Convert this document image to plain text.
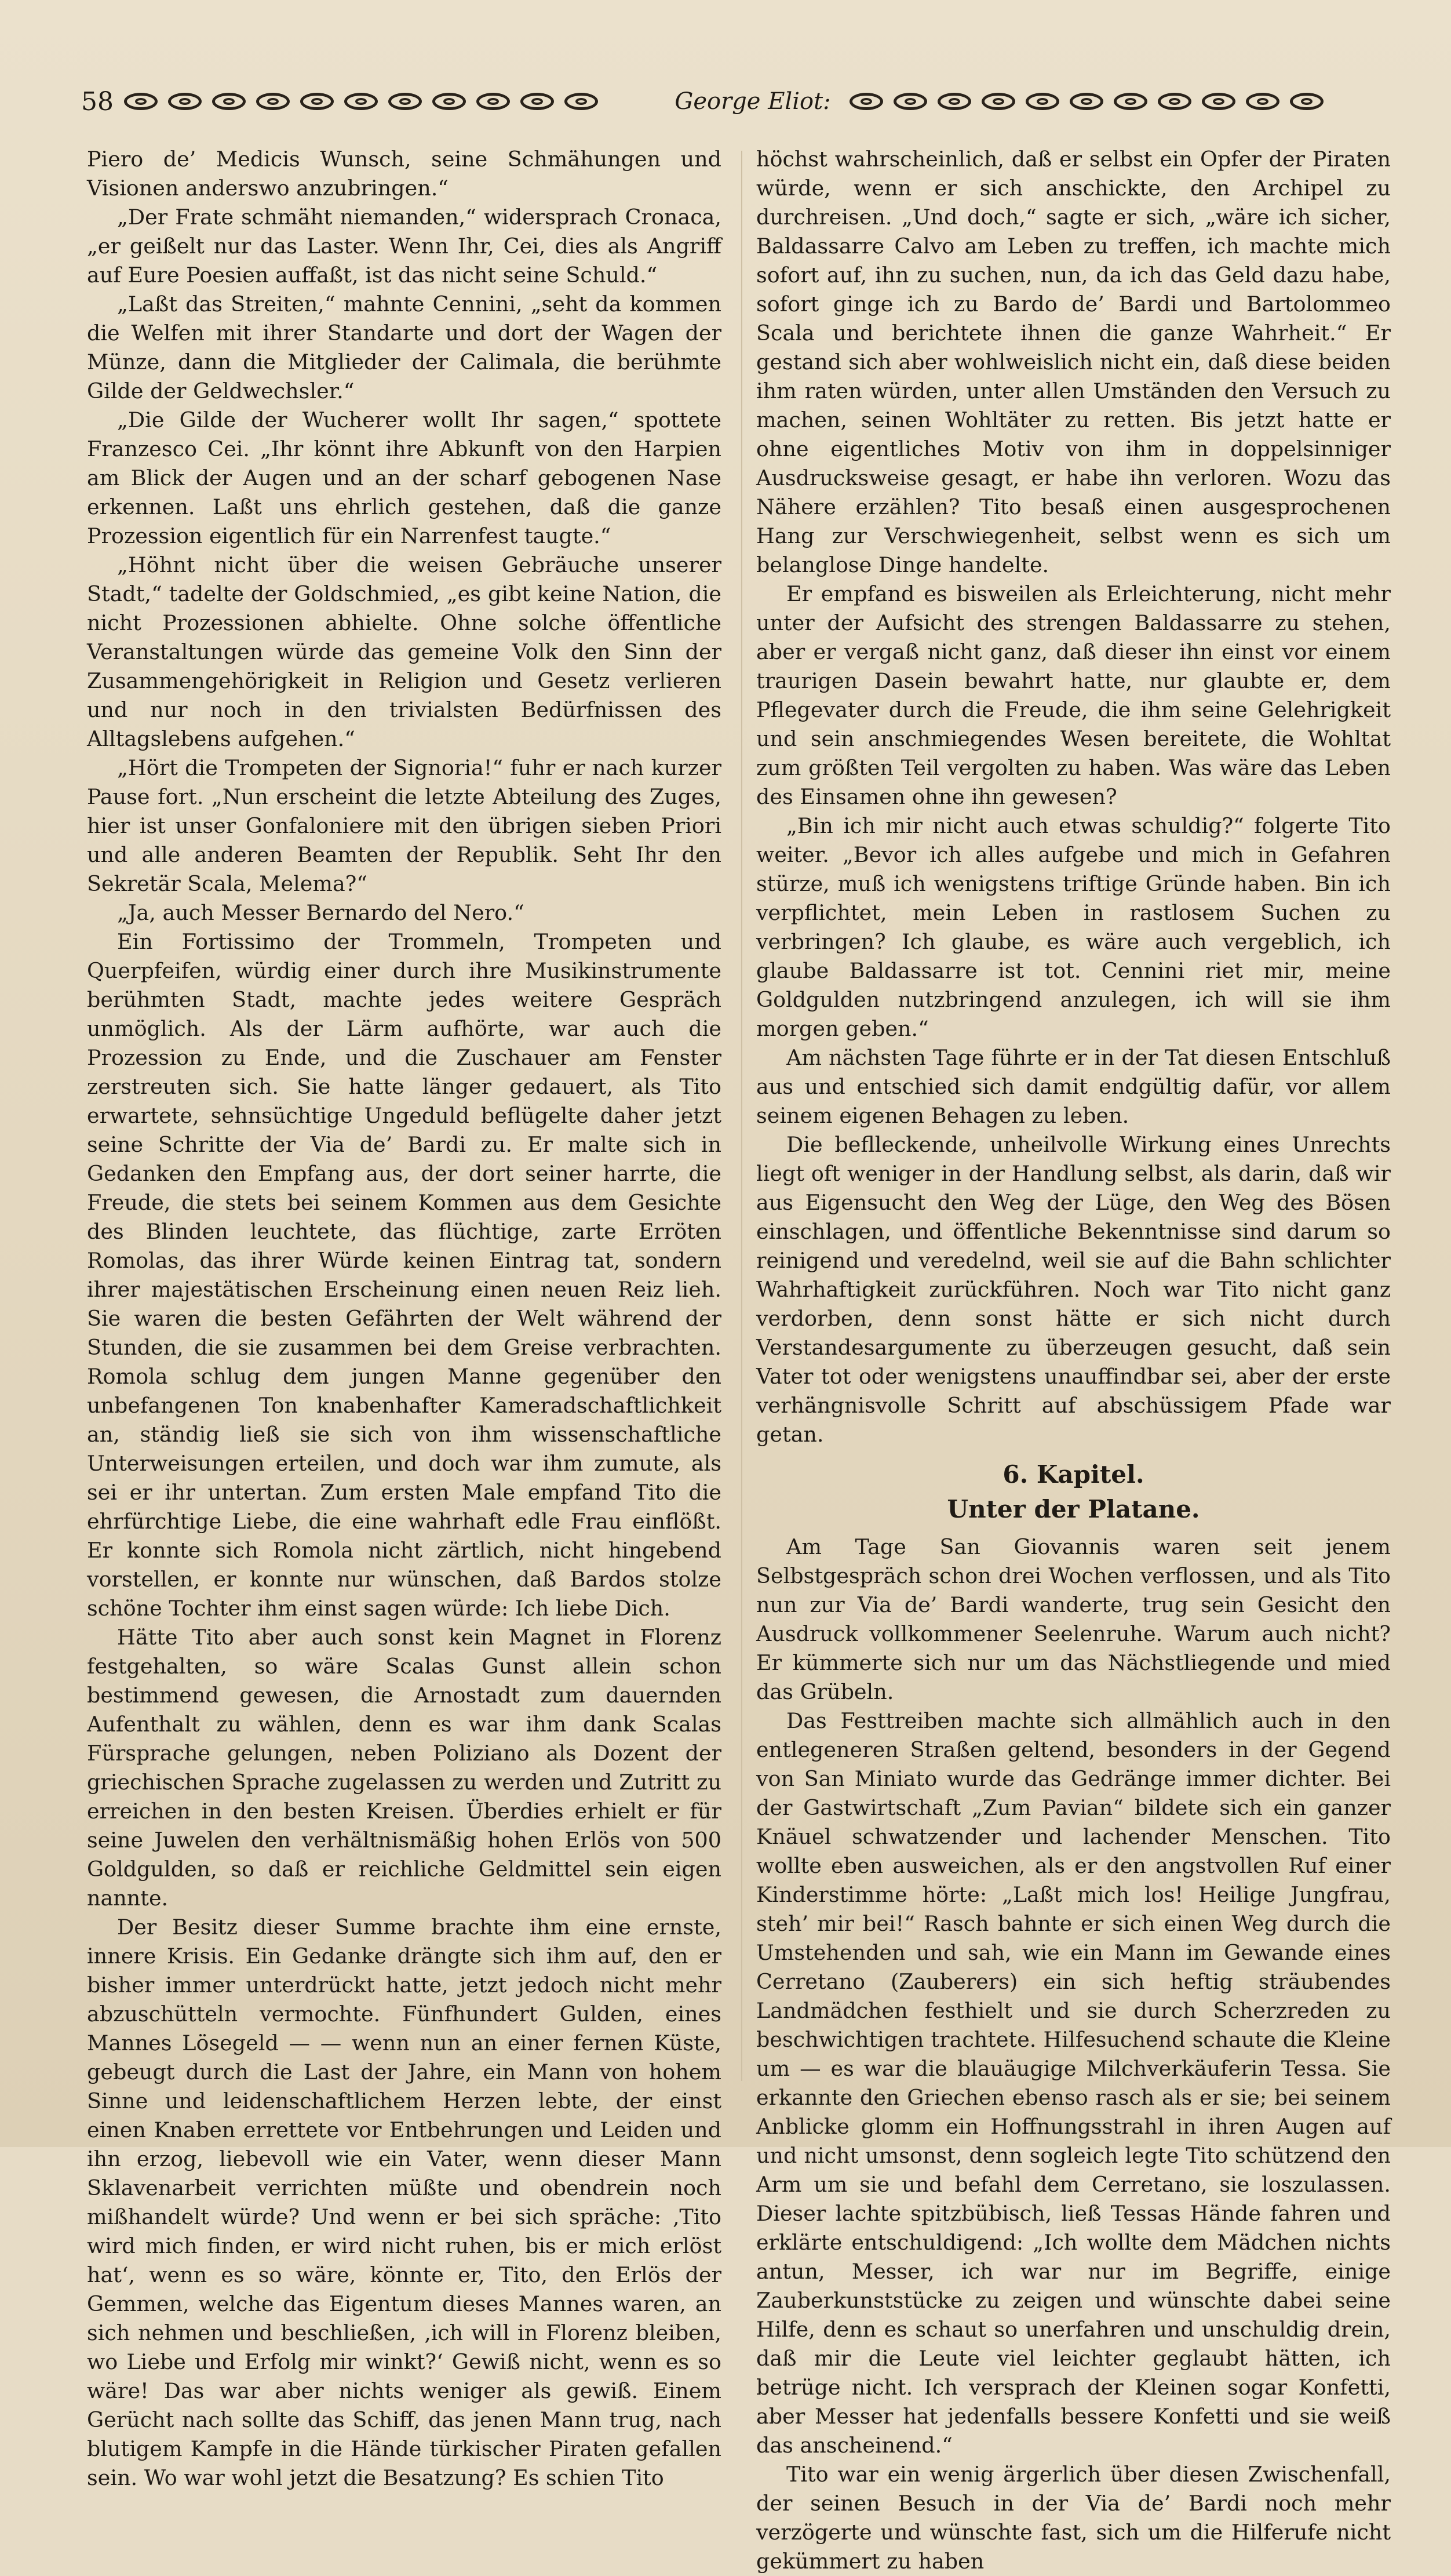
58	George Eliot:

Piero de’ Medicis Wunsch, seine Schmähungen und Visionen anderswo anzubringen.“

„Der Frate schmäht niemanden,“ widersprach Cronaca, „er geißelt nur das Laster. Wenn Ihr, Cei, dies als Angriff auf Eure Poesien auffaßt, ist das nicht seine Schuld.“

„Laßt das Streiten,“ mahnte Cennini, „seht da kommen die Welfen mit ihrer Standarte und dort der Wagen der Münze, dann die Mitglieder der Calimala, die berühmte Gilde der Geldwechsler.“

„Die Gilde der Wucherer wollt Ihr sagen,“ spottete Franzesco Cei. „Ihr könnt ihre Abkunft von den Harpien am Blick der Augen und an der scharf gebogenen Nase erkennen. Laßt uns ehrlich gestehen, daß die ganze Prozession eigentlich für ein Narrenfest taugte.“

„Höhnt nicht über die weisen Gebräuche unserer Stadt,“ tadelte der Goldschmied, „es gibt keine Nation, die nicht Prozessionen abhielte. Ohne solche öffentliche Veranstaltungen würde das gemeine Volk den Sinn der Zusammengehörigkeit in Religion und Gesetz verlieren und nur noch in den trivialsten Bedürfnissen des Alltagslebens aufgehen.“

„Hört die Trompeten der Signoria!“ fuhr er nach kurzer Pause fort. „Nun erscheint die letzte Abteilung des Zuges, hier ist unser Gonfaloniere mit den übrigen sieben Priori und alle anderen Beamten der Republik. Seht Ihr den Sekretär Scala, Melema?“

„Ja, auch Messer Bernardo del Nero.“

Ein Fortissimo der Trommeln, Trompeten und Querpfeifen, würdig einer durch ihre Musikinstrumente berühmten Stadt, machte jedes weitere Gespräch unmöglich. Als der Lärm aufhörte, war auch die Prozession zu Ende, und die Zuschauer am Fenster zerstreuten sich. Sie hatte länger gedauert, als Tito erwartete, sehnsüchtige Ungeduld beflügelte daher jetzt seine Schritte der Via de’ Bardi zu. Er malte sich in Gedanken den Empfang aus, der dort seiner harrte, die Freude, die stets bei seinem Kommen aus dem Gesichte des Blinden leuchtete, das flüchtige, zarte Erröten Romolas, das ihrer Würde keinen Eintrag tat, sondern ihrer majestätischen Erscheinung einen neuen Reiz lieh. Sie waren die besten Gefährten der Welt während der Stunden, die sie zusammen bei dem Greise verbrachten. Romola schlug dem jungen Manne gegenüber den unbefangenen Ton knabenhafter Kameradschaftlichkeit an, ständig ließ sie sich von ihm wissenschaftliche Unterweisungen erteilen, und doch war ihm zumute, als sei er ihr untertan. Zum ersten Male empfand Tito die ehrfürchtige Liebe, die eine wahrhaft edle Frau einflößt. Er konnte sich Romola nicht zärtlich, nicht hingebend vorstellen, er konnte nur wünschen, daß Bardos stolze schöne Tochter ihm einst sagen würde: Ich liebe Dich.

Hätte Tito aber auch sonst kein Magnet in Florenz festgehalten, so wäre Scalas Gunst allein schon bestimmend gewesen, die Arnostadt zum dauernden Aufenthalt zu wählen, denn es war ihm dank Scalas Fürsprache gelungen, neben Poliziano als Dozent der griechischen Sprache zugelassen zu werden und Zutritt zu erreichen in den besten Kreisen. Überdies erhielt er für seine Juwelen den verhältnismäßig hohen Erlös von 500 Goldgulden, so daß er reichliche Geldmittel sein eigen nannte.

Der Besitz dieser Summe brachte ihm eine ernste, innere Krisis. Ein Gedanke drängte sich ihm auf, den er bisher immer unterdrückt hatte, jetzt jedoch nicht mehr abzuschütteln vermochte. Fünfhundert Gulden, eines Mannes Lösegeld — — wenn nun an einer fernen Küste, gebeugt durch die Last der Jahre, ein Mann von hohem Sinne und leidenschaftlichem Herzen lebte, der einst einen Knaben errettete vor Entbehrungen und Leiden und ihn erzog, liebevoll wie ein Vater, wenn dieser Mann Sklavenarbeit verrichten müßte und obendrein noch mißhandelt würde? Und wenn er bei sich spräche: ‚Tito wird mich finden, er wird nicht ruhen, bis er mich erlöst hat‘, wenn es so wäre, könnte er, Tito, den Erlös der Gemmen, welche das Eigentum dieses Mannes waren, an sich nehmen und beschließen, ‚ich will in Florenz bleiben, wo Liebe und Erfolg mir winkt?‘ Gewiß nicht, wenn es so wäre! Das war aber nichts weniger als gewiß. Einem Gerücht nach sollte das Schiff, das jenen Mann trug, nach blutigem Kampfe in die Hände türkischer Piraten gefallen sein. Wo war wohl jetzt die Besatzung? Es schien Tito

höchst wahrscheinlich, daß er selbst ein Opfer der Piraten würde, wenn er sich anschickte, den Archipel zu durchreisen. „Und doch,“ sagte er sich, „wäre ich sicher, Baldassarre Calvo am Leben zu treffen, ich machte mich sofort auf, ihn zu suchen, nun, da ich das Geld dazu habe, sofort ginge ich zu Bardo de’ Bardi und Bartolommeo Scala und berichtete ihnen die ganze Wahrheit.“ Er gestand sich aber wohlweislich nicht ein, daß diese beiden ihm raten würden, unter allen Umständen den Versuch zu machen, seinen Wohltäter zu retten. Bis jetzt hatte er ohne eigentliches Motiv von ihm in doppelsinniger Ausdrucksweise gesagt, er habe ihn verloren. Wozu das Nähere erzählen? Tito besaß einen ausgesprochenen Hang zur Verschwiegenheit, selbst wenn es sich um belanglose Dinge handelte.

Er empfand es bisweilen als Erleichterung, nicht mehr unter der Aufsicht des strengen Baldassarre zu stehen, aber er vergaß nicht ganz, daß dieser ihn einst vor einem traurigen Dasein bewahrt hatte, nur glaubte er, dem Pflegevater durch die Freude, die ihm seine Gelehrigkeit und sein anschmiegendes Wesen bereitete, die Wohltat zum größten Teil vergolten zu haben. Was wäre das Leben des Einsamen ohne ihn gewesen?

„Bin ich mir nicht auch etwas schuldig?“ folgerte Tito weiter. „Bevor ich alles aufgebe und mich in Gefahren stürze, muß ich wenigstens triftige Gründe haben. Bin ich verpflichtet, mein Leben in rastlosem Suchen zu verbringen? Ich glaube, es wäre auch vergeblich, ich glaube Baldassarre ist tot. Cennini riet mir, meine Goldgulden nutzbringend anzulegen, ich will sie ihm morgen geben.“

Am nächsten Tage führte er in der Tat diesen Entschluß aus und entschied sich damit endgültig dafür, vor allem seinem eigenen Behagen zu leben.

Die beflleckende, unheilvolle Wirkung eines Unrechts liegt oft weniger in der Handlung selbst, als darin, daß wir aus Eigensucht den Weg der Lüge, den Weg des Bösen einschlagen, und öffentliche Bekenntnisse sind darum so reinigend und veredelnd, weil sie auf die Bahn schlichter Wahrhaftigkeit zurückführen. Noch war Tito nicht ganz verdorben, denn sonst hätte er sich nicht durch Verstandesargumente zu überzeugen gesucht, daß sein Vater tot oder wenigstens unauffindbar sei, aber der erste verhängnisvolle Schritt auf abschüssigem Pfade war getan.

6. Kapitel.
Unter der Platane.

Am Tage San Giovannis waren seit jenem Selbstgespräch schon drei Wochen verflossen, und als Tito nun zur Via de’ Bardi wanderte, trug sein Gesicht den Ausdruck vollkommener Seelenruhe. Warum auch nicht? Er kümmerte sich nur um das Nächstliegende und mied das Grübeln.

Das Festtreiben machte sich allmählich auch in den entlegeneren Straßen geltend, besonders in der Gegend von San Miniato wurde das Gedränge immer dichter. Bei der Gastwirtschaft „Zum Pavian“ bildete sich ein ganzer Knäuel schwatzender und lachender Menschen. Tito wollte eben ausweichen, als er den angstvollen Ruf einer Kinderstimme hörte: „Laßt mich los! Heilige Jungfrau, steh’ mir bei!“ Rasch bahnte er sich einen Weg durch die Umstehenden und sah, wie ein Mann im Gewande eines Cerretano (Zauberers) ein sich heftig sträubendes Landmädchen festhielt und sie durch Scherzreden zu beschwichtigen trachtete. Hilfesuchend schaute die Kleine um — es war die blauäugige Milchverkäuferin Tessa. Sie erkannte den Griechen ebenso rasch als er sie; bei seinem Anblicke glomm ein Hoffnungsstrahl in ihren Augen auf und nicht umsonst, denn sogleich legte Tito schützend den Arm um sie und befahl dem Cerretano, sie loszulassen. Dieser lachte spitzbübisch, ließ Tessas Hände fahren und erklärte entschuldigend: „Ich wollte dem Mädchen nichts antun, Messer, ich war nur im Begriffe, einige Zauberkunststücke zu zeigen und wünschte dabei seine Hilfe, denn es schaut so unerfahren und unschuldig drein, daß mir die Leute viel leichter geglaubt hätten, ich betrüge nicht. Ich versprach der Kleinen sogar Konfetti, aber Messer hat jedenfalls bessere Konfetti und sie weiß das anscheinend.“

Tito war ein wenig ärgerlich über diesen Zwischenfall, der seinen Besuch in der Via de’ Bardi noch mehr verzögerte und wünschte fast, sich um die Hilferufe nicht gekümmert zu haben
